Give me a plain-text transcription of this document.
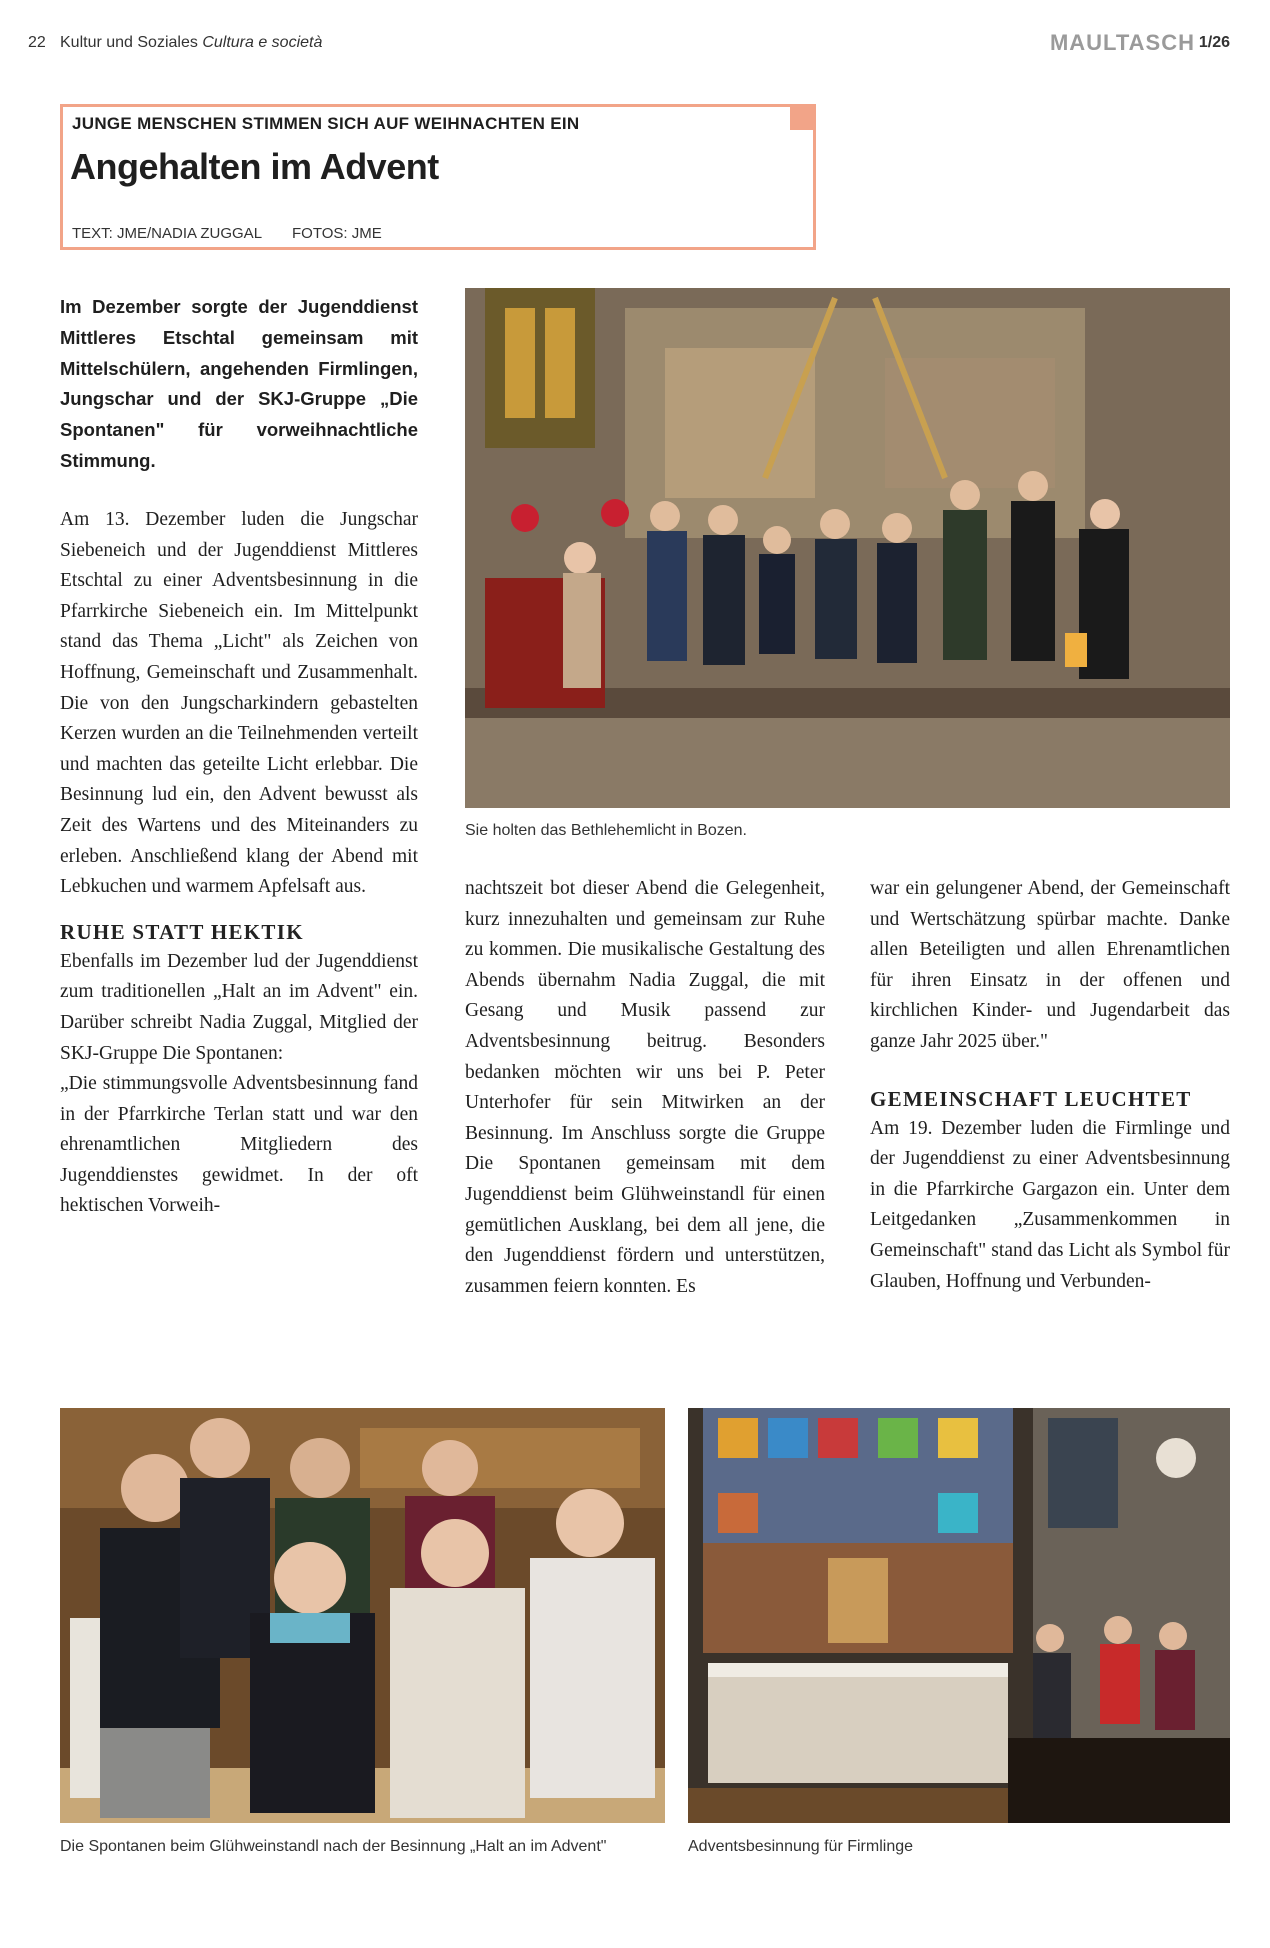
22 Kultur und Soziales Cultura e società	MAULTASCH 1/26
JUNGE MENSCHEN STIMMEN SICH AUF WEIHNACHTEN EIN
Angehalten im Advent
TEXT: JME/NADIA ZUGGAL FOTOS: JME
Im Dezember sorgte der Jugenddienst Mittleres Etschtal gemeinsam mit Mittelschülern, angehenden Firmlingen, Jungschar und der SKJ-Gruppe „Die Spontanen" für vorweihnachtliche Stimmung.

Am 13. Dezember luden die Jungschar Siebeneich und der Jugenddienst Mittleres Etschtal zu einer Adventsbesinnung in die Pfarrkirche Siebeneich ein. Im Mittelpunkt stand das Thema „Licht" als Zeichen von Hoffnung, Gemeinschaft und Zusammenhalt. Die von den Jungscharkindern gebastelten Kerzen wurden an die Teilnehmenden verteilt und machten das geteilte Licht erlebbar. Die Besinnung lud ein, den Advent bewusst als Zeit des Wartens und des Miteinanders zu erleben. Anschließend klang der Abend mit Lebkuchen und warmem Apfelsaft aus.

RUHE STATT HEKTIK

Ebenfalls im Dezember lud der Jugenddienst zum traditionellen „Halt an im Advent" ein. Darüber schreibt Nadia Zuggal, Mitglied der SKJ-Gruppe Die Spontanen:

„Die stimmungsvolle Adventsbesinnung fand in der Pfarrkirche Terlan statt und war den ehrenamtlichen Mitgliedern des Jugenddienstes gewidmet. In der oft hektischen Vorweih-

nachtszeit bot dieser Abend die Gelegenheit, kurz innezuhalten und gemeinsam zur Ruhe zu kommen. Die musikalische Gestaltung des Abends übernahm Nadia Zuggal, die mit Gesang und Musik passend zur Adventsbesinnung beitrug. Besonders bedanken möchten wir uns bei P. Peter Unterhofer für sein Mitwirken an der Besinnung. Im Anschluss sorgte die Gruppe Die Spontanen gemeinsam mit dem Jugenddienst beim Glühweinstandl für einen gemütlichen Ausklang, bei dem all jene, die den Jugenddienst fördern und unterstützen, zusammen feiern konnten. Es

war ein gelungener Abend, der Gemeinschaft und Wertschätzung spürbar machte. Danke allen Beteiligten und allen Ehrenamtlichen für ihren Einsatz in der offenen und kirchlichen Kinder- und Jugendarbeit das ganze Jahr 2025 über."

GEMEINSCHAFT LEUCHTET

Am 19. Dezember luden die Firmlinge und der Jugenddienst zu einer Adventsbesinnung in die Pfarrkirche Gargazon ein. Unter dem Leitgedanken „Zusammenkommen in Gemeinschaft" stand das Licht als Symbol für Glauben, Hoffnung und Verbunden-

Sie holten das Bethlehemlicht in Bozen.
Die Spontanen beim Glühweinstandl nach der Besinnung „Halt an im Advent"	Adventsbesinnung für Firmlinge
